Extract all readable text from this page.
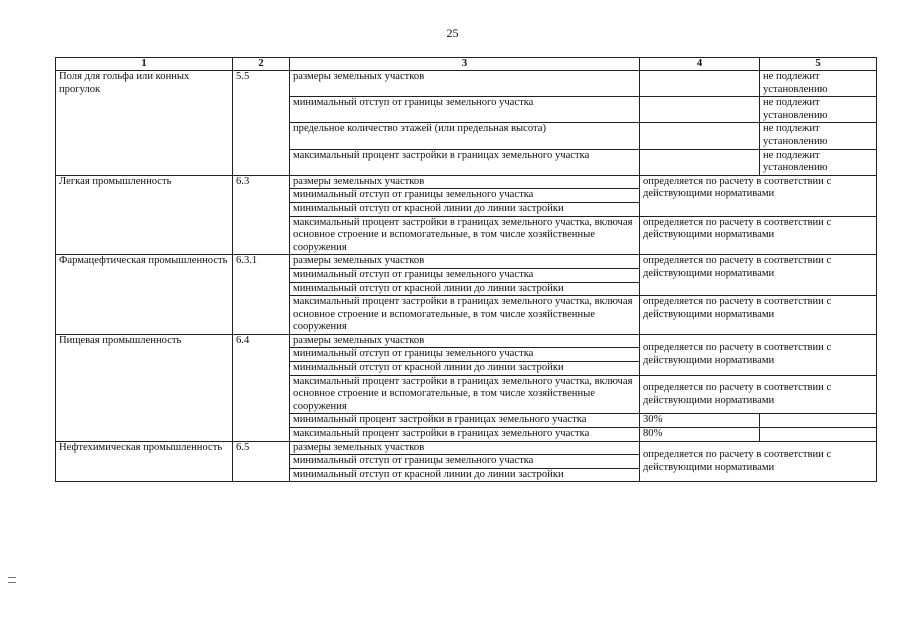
25
1	2	3	4	5
Поля для гольфа или конных прогулок	5.5	размеры земельных участков		не подлежит установлению
		минимальный отступ от границы земельного участка		не подлежит установлению
		предельное количество этажей (или предельная высота)		не подлежит установлению
		максимальный процент застройки в границах земельного участка		не подлежит установлению
Легкая промышленность	6.3	размеры земельных участков	определяется по расчету в соответствии с действующими нормативами	

		минимальный отступ от границы земельного участка		
		минимальный отступ от красной линии до линии застройки		
		максимальный процент застройки в границах земельного участка, включая основное строение и вспомогательные, в том числе хозяйственные сооружения	определяется по расчету в соответствии с действующими нормативами	
Фармацефтическая промышленность	6.3.1	размеры земельных участков	определяется по расчету в соответствии с действующими нормативами	
		минимальный отступ от границы земельного участка		
		минимальный отступ от красной линии до линии застройки		
		максимальный процент застройки в границах земельного участка, включая основное строение и вспомогательные, в том числе хозяйственные сооружения	определяется по расчету в соответствии с действующими нормативами	
Пищевая промышленность	6.4	размеры земельных участков	определяется по расчету в соответствии с действующими нормативами	
		минимальный отступ от границы земельного участка		
		минимальный отступ от красной линии до линии застройки		
		максимальный процент застройки в границах земельного участка, включая основное строение и вспомогательные, в том числе хозяйственные сооружения	определяется по расчету в соответствии с действующими нормативами	
		минимальный процент застройки в границах земельного участка	30%	
		максимальный процент застройки в границах земельного участка	80%	
Нефтехимическая промышленность	6.5	размеры земельных участков	определяется по расчету в соответствии с действующими нормативами	
		минимальный отступ от границы земельного участка		
		минимальный отступ от красной линии до линии застройки		
